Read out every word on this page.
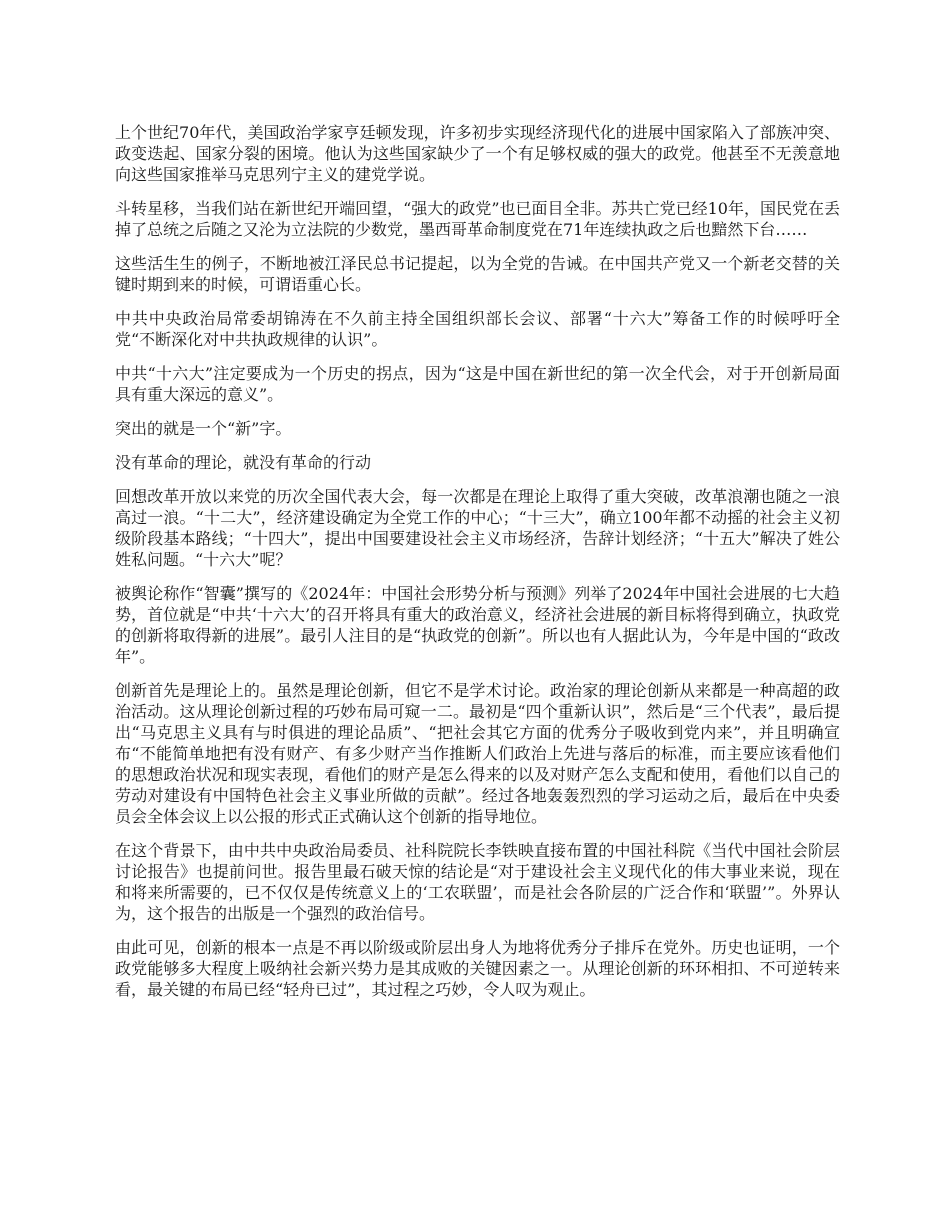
上个世纪70年代，美国政治学家亨廷顿发现，许多初步实现经济现代化的进展中国家陷入了部族冲突、政变迭起、国家分裂的困境。他认为这些国家缺少了一个有足够权威的强大的政党。他甚至不无羡意地向这些国家推举马克思列宁主义的建党学说。

斗转星移，当我们站在新世纪开端回望，“强大的政党”也已面目全非。苏共亡党已经10年，国民党在丢掉了总统之后随之又沦为立法院的少数党，墨西哥革命制度党在71年连续执政之后也黯然下台……

这些活生生的例子，不断地被江泽民总书记提起，以为全党的告诫。在中国共产党又一个新老交替的关键时期到来的时候，可谓语重心长。

中共中央政治局常委胡锦涛在不久前主持全国组织部长会议、部署“十六大”筹备工作的时候呼吁全党“不断深化对中共执政规律的认识”。

中共“十六大”注定要成为一个历史的拐点，因为“这是中国在新世纪的第一次全代会，对于开创新局面具有重大深远的意义”。

突出的就是一个“新”字。

没有革命的理论，就没有革命的行动

回想改革开放以来党的历次全国代表大会，每一次都是在理论上取得了重大突破，改革浪潮也随之一浪高过一浪。“十二大”，经济建设确定为全党工作的中心；“十三大”，确立100年都不动摇的社会主义初级阶段基本路线；“十四大”，提出中国要建设社会主义市场经济，告辞计划经济；“十五大”解决了姓公姓私问题。“十六大”呢？

被舆论称作“智囊”撰写的《2024年：中国社会形势分析与预测》列举了2024年中国社会进展的七大趋势，首位就是“中共‘十六大’的召开将具有重大的政治意义，经济社会进展的新目标将得到确立，执政党的创新将取得新的进展”。最引人注目的是“执政党的创新”。所以也有人据此认为，今年是中国的“政改年”。

创新首先是理论上的。虽然是理论创新，但它不是学术讨论。政治家的理论创新从来都是一种高超的政治活动。这从理论创新过程的巧妙布局可窥一二。最初是“四个重新认识”，然后是“三个代表”，最后提出“马克思主义具有与时俱进的理论品质”、“把社会其它方面的优秀分子吸收到党内来”，并且明确宣布“不能简单地把有没有财产、有多少财产当作推断人们政治上先进与落后的标准，而主要应该看他们的思想政治状况和现实表现，看他们的财产是怎么得来的以及对财产怎么支配和使用，看他们以自己的劳动对建设有中国特色社会主义事业所做的贡献”。经过各地轰轰烈烈的学习运动之后，最后在中央委员会全体会议上以公报的形式正式确认这个创新的指导地位。

在这个背景下，由中共中央政治局委员、社科院院长李铁映直接布置的中国社科院《当代中国社会阶层讨论报告》也提前问世。报告里最石破天惊的结论是“对于建设社会主义现代化的伟大事业来说，现在和将来所需要的，已不仅仅是传统意义上的‘工农联盟’，而是社会各阶层的广泛合作和‘联盟’”。外界认为，这个报告的出版是一个强烈的政治信号。

由此可见，创新的根本一点是不再以阶级或阶层出身人为地将优秀分子排斥在党外。历史也证明，一个政党能够多大程度上吸纳社会新兴势力是其成败的关键因素之一。从理论创新的环环相扣、不可逆转来看，最关键的布局已经“轻舟已过”，其过程之巧妙，令人叹为观止。
